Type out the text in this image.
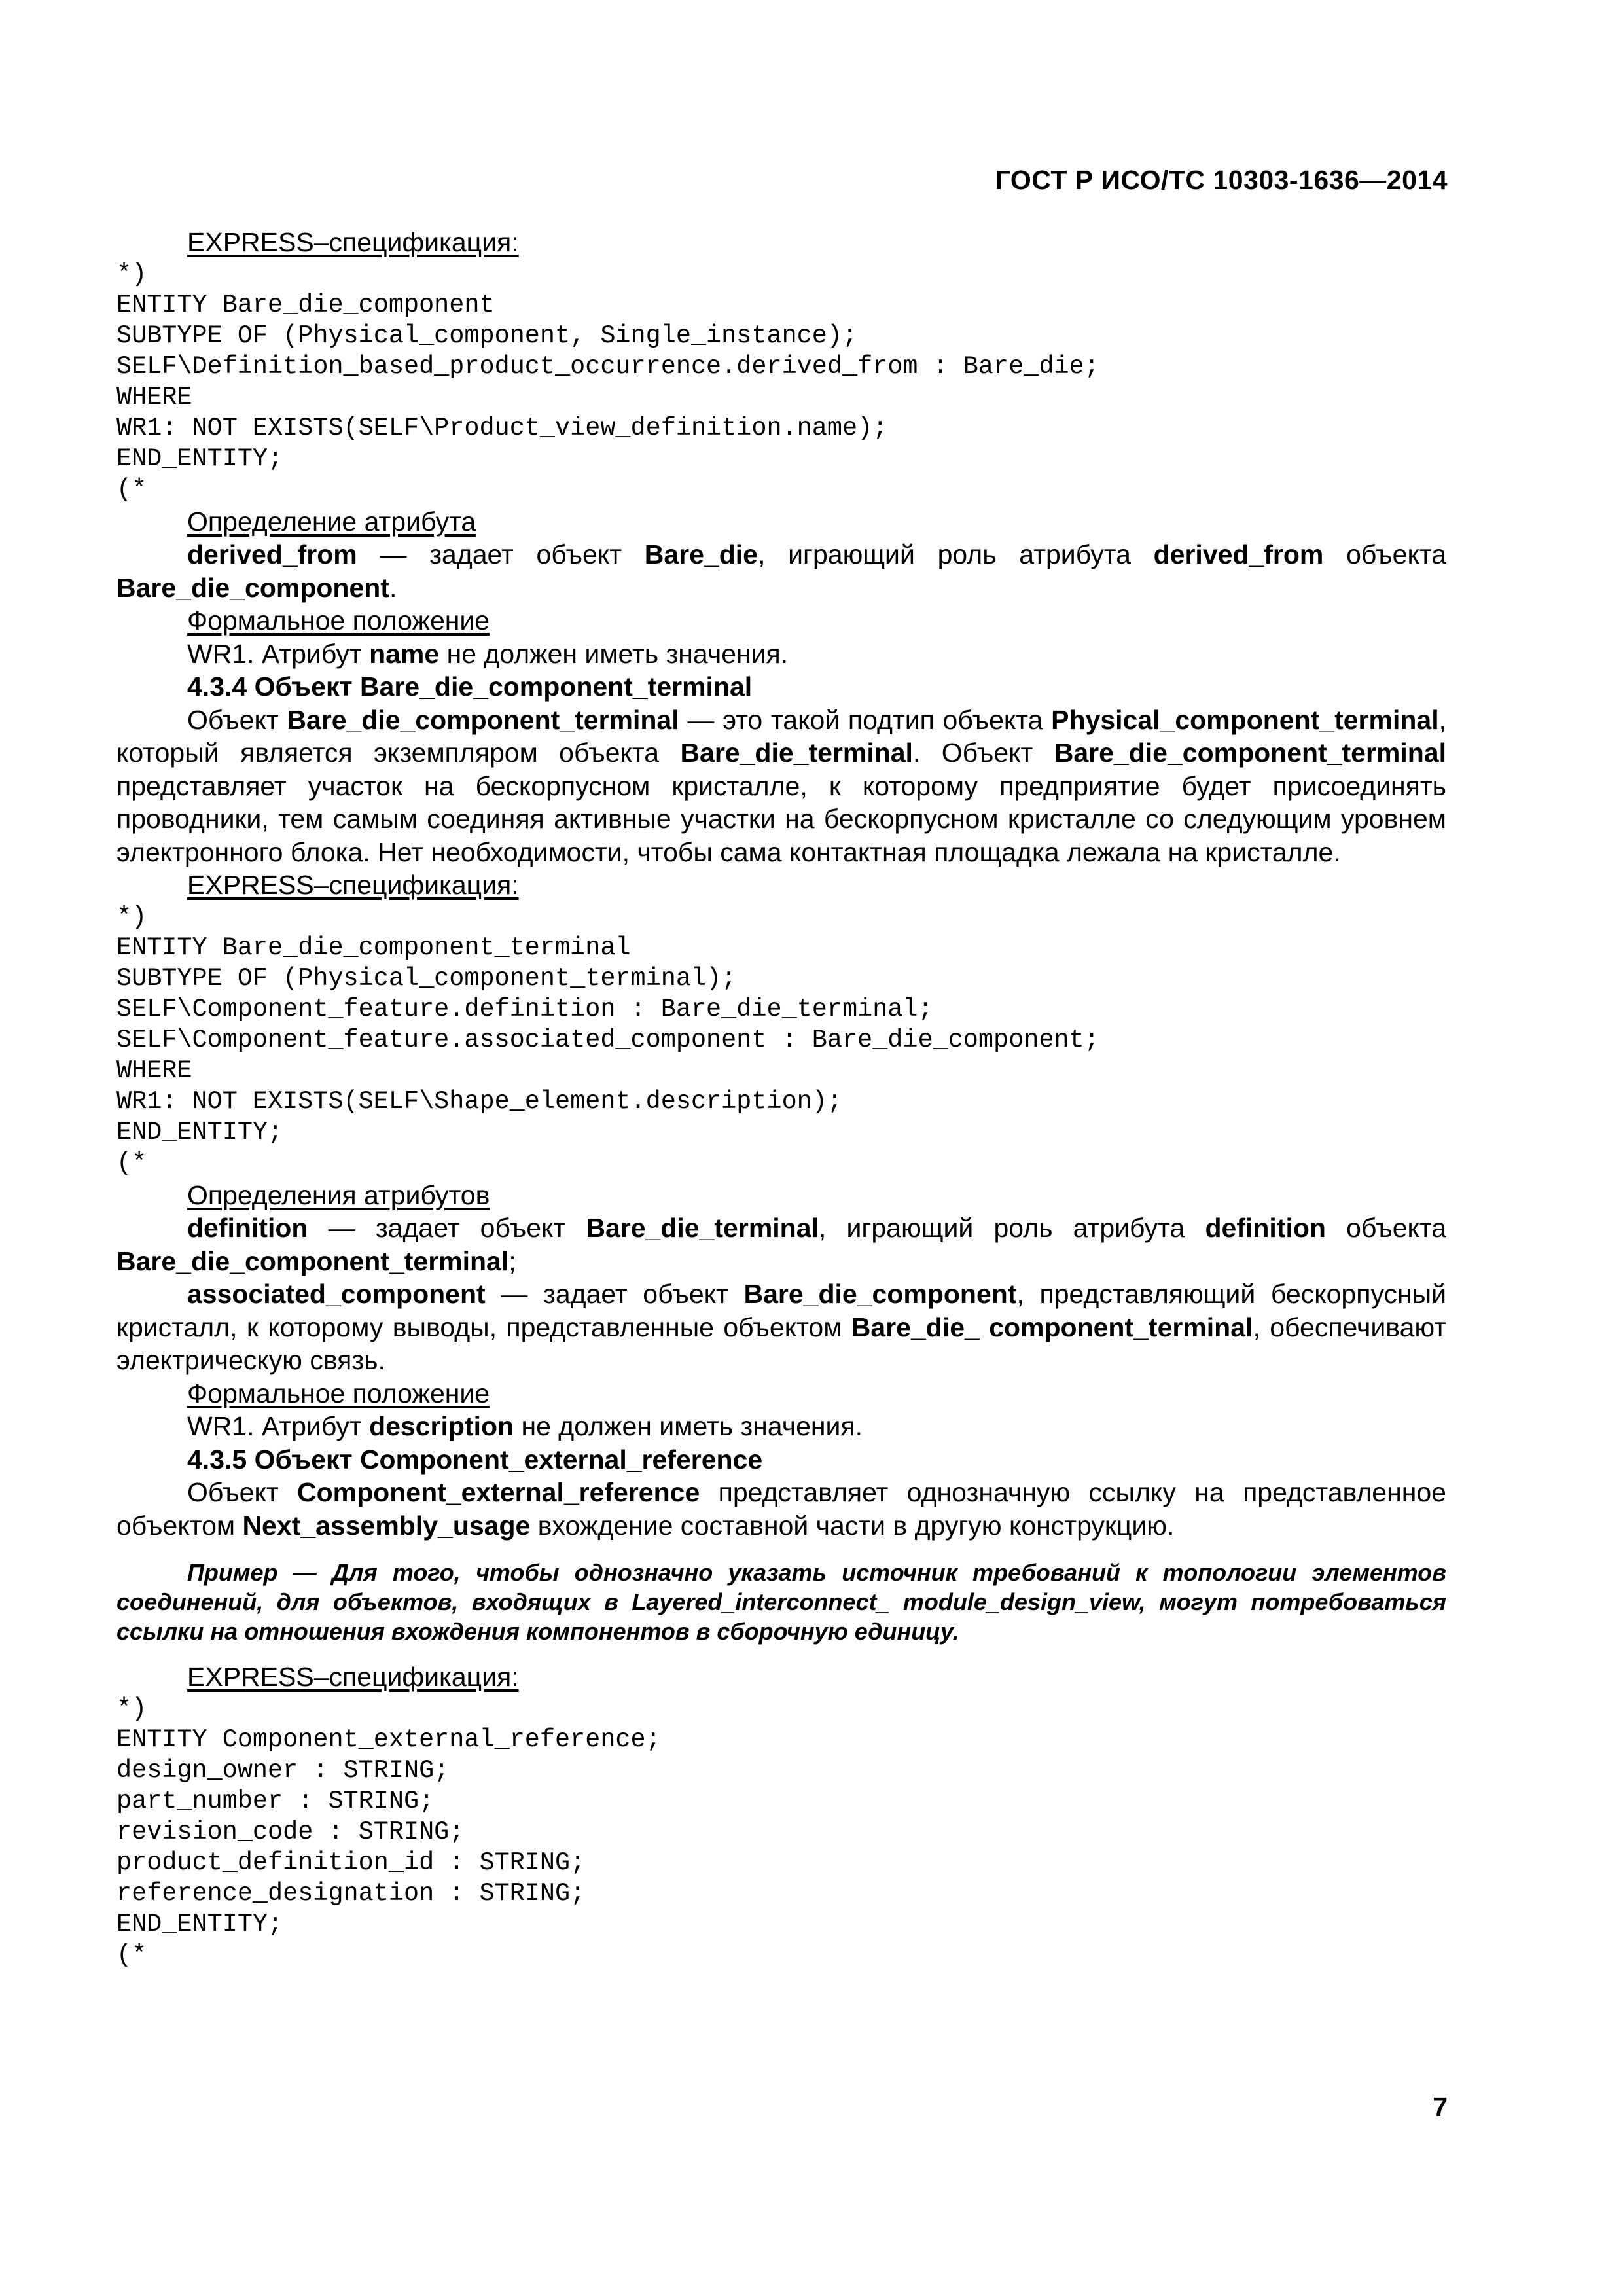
ГОСТ Р ИСО/ТС 10303-1636—2014

EXPRESS–спецификация:

*)
ENTITY Bare_die_component
SUBTYPE OF (Physical_component, Single_instance);
SELF\Definition_based_product_occurrence.derived_from : Bare_die;
WHERE
WR1: NOT EXISTS(SELF\Product_view_definition.name);
END_ENTITY;
(*

Определение атрибута

derived_from — задает объект Bare_die, играющий роль атрибута derived_from объекта Bare_die_component.

Формальное положение

WR1. Атрибут name не должен иметь значения.

4.3.4 Объект Bare_die_component_terminal

Объект Bare_die_component_terminal — это такой подтип объекта Physical_component_terminal, который является экземпляром объекта Bare_die_terminal. Объект Bare_die_component_terminal представляет участок на бескорпусном кристалле, к которому предприятие будет присоединять проводники, тем самым соединяя активные участки на бескорпусном кристалле со следующим уровнем электронного блока. Нет необходимости, чтобы сама контактная площадка лежала на кристалле.

EXPRESS–спецификация:

*)
ENTITY Bare_die_component_terminal
SUBTYPE OF (Physical_component_terminal);
SELF\Component_feature.definition : Bare_die_terminal;
SELF\Component_feature.associated_component : Bare_die_component;
WHERE
WR1: NOT EXISTS(SELF\Shape_element.description);
END_ENTITY;
(*

Определения атрибутов

definition — задает объект Bare_die_terminal, играющий роль атрибута definition объекта Bare_die_component_terminal;

associated_component — задает объект Bare_die_component, представляющий бескорпусный кристалл, к которому выводы, представленные объектом Bare_die_ component_terminal, обеспечивают электрическую связь.

Формальное положение

WR1. Атрибут description не должен иметь значения.

4.3.5 Объект Component_external_reference

Объект Component_external_reference представляет однозначную ссылку на представленное объектом Next_assembly_usage вхождение составной части в другую конструкцию.

Пример — Для того, чтобы однозначно указать источник требований к топологии элементов соединений, для объектов, входящих в Layered_interconnect_ module_design_view, могут потребоваться ссылки на отношения вхождения компонентов в сборочную единицу.

EXPRESS–спецификация:

*)
ENTITY Component_external_reference;
design_owner : STRING;
part_number : STRING;
revision_code : STRING;
product_definition_id : STRING;
reference_designation : STRING;
END_ENTITY;
(*
7
